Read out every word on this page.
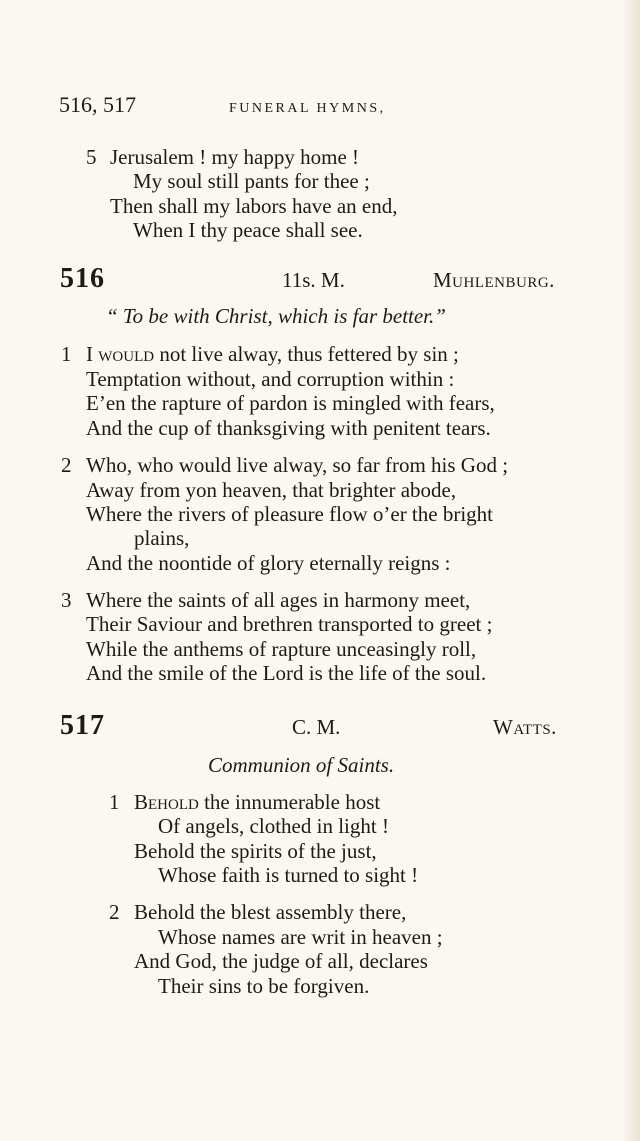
516, 517	FUNERAL HYMNS,
5 Jerusalem ! my happy home !
My soul still pants for thee ;
Then shall my labors have an end,
When I thy peace shall see.
516	11s. M.	Muhlenburg.
“ To be with Christ, which is far better.”
1 I would not live alway, thus fettered by sin ;
Temptation without, and corruption within :
E’en the rapture of pardon is mingled with fears,
And the cup of thanksgiving with penitent tears.
2 Who, who would live alway, so far from his God ;
Away from yon heaven, that brighter abode,
Where the rivers of pleasure flow o’er the bright
plains,
And the noontide of glory eternally reigns :
3 Where the saints of all ages in harmony meet,
Their Saviour and brethren transported to greet ;
While the anthems of rapture unceasingly roll,
And the smile of the Lord is the life of the soul.
517	C. M.	Watts.
Communion of Saints.
1 Behold the innumerable host
Of angels, clothed in light !
Behold the spirits of the just,
Whose faith is turned to sight !
2 Behold the blest assembly there,
Whose names are writ in heaven ;
And God, the judge of all, declares
Their sins to be forgiven.
